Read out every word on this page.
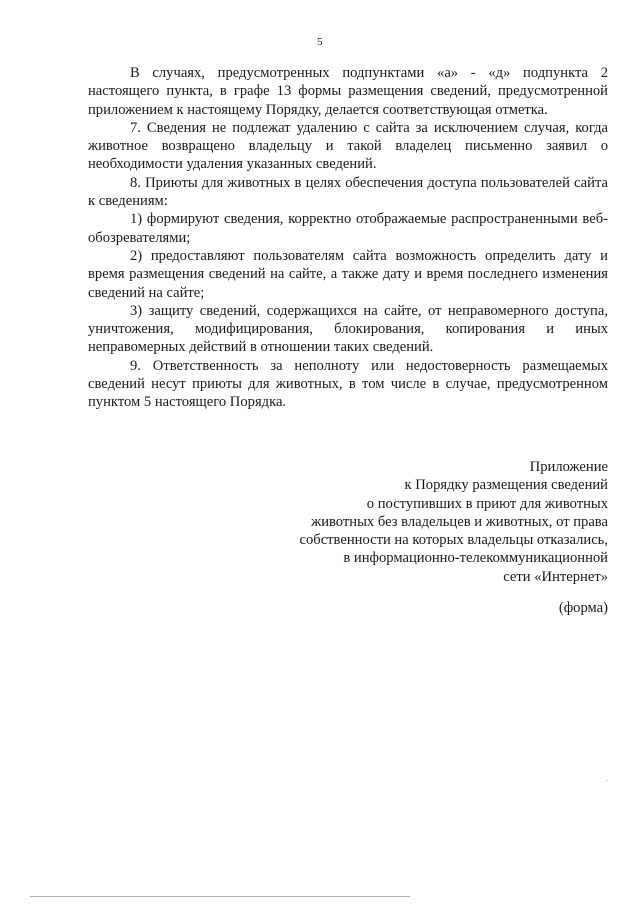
5

В случаях, предусмотренных подпунктами «а» - «д» подпункта 2 настоящего пункта, в графе 13 формы размещения сведений, предусмотренной приложением к настоящему Порядку, делается соответствующая отметка.

7. Сведения не подлежат удалению с сайта за исключением случая, когда животное возвращено владельцу и такой владелец письменно заявил о необходимости удаления указанных сведений.

8. Приюты для животных в целях обеспечения доступа пользователей сайта к сведениям:

1) формируют сведения, корректно отображаемые распространенными веб-обозревателями;

2) предоставляют пользователям сайта возможность определить дату и время размещения сведений на сайте, а также дату и время последнего изменения сведений на сайте;

3) защиту сведений, содержащихся на сайте, от неправомерного доступа, уничтожения, модифицирования, блокирования, копирования и иных неправомерных действий в отношении таких сведений.

9. Ответственность за неполноту или недостоверность размещаемых сведений несут приюты для животных, в том числе в случае, предусмотренном пунктом 5 настоящего Порядка.

Приложение
к Порядку размещения сведений
о поступивших в приют для животных
животных без владельцев и животных, от права
собственности на которых владельцы отказались,
в информационно-телекоммуникационной
сети «Интернет»
(форма)
